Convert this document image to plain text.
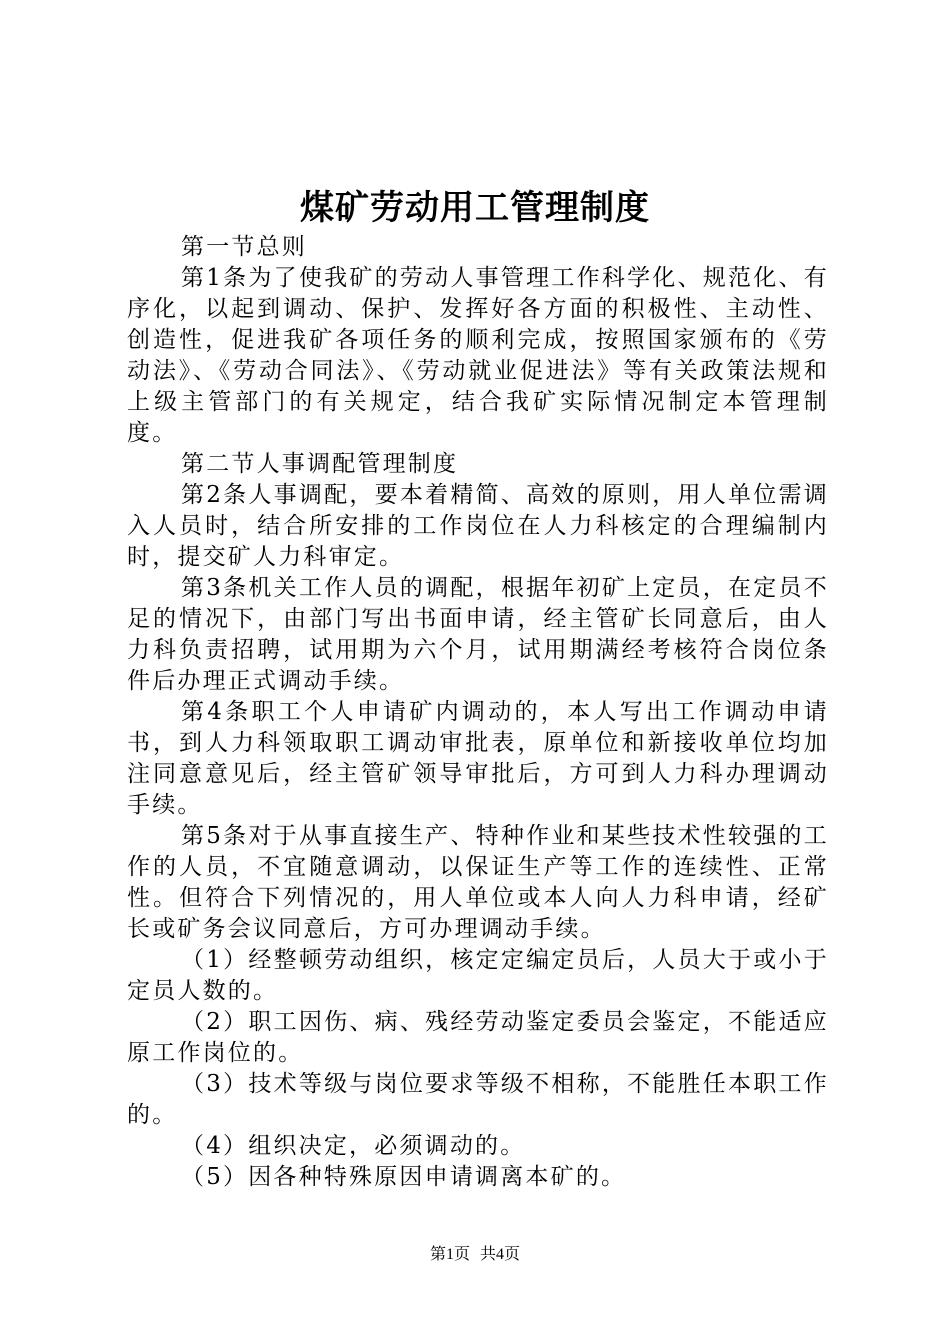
煤矿劳动用工管理制度

第一节总则

第1条为了使我矿的劳动人事管理工作科学化、规范化、有序化，以起到调动、保护、发挥好各方面的积极性、主动性、创造性，促进我矿各项任务的顺利完成，按照国家颁布的《劳动法》、《劳动合同法》、《劳动就业促进法》等有关政策法规和上级主管部门的有关规定，结合我矿实际情况制定本管理制度。

第二节人事调配管理制度

第2条人事调配，要本着精简、高效的原则，用人单位需调入人员时，结合所安排的工作岗位在人力科核定的合理编制内时，提交矿人力科审定。

第3条机关工作人员的调配，根据年初矿上定员，在定员不足的情况下，由部门写出书面申请，经主管矿长同意后，由人力科负责招聘，试用期为六个月，试用期满经考核符合岗位条件后办理正式调动手续。

第4条职工个人申请矿内调动的，本人写出工作调动申请书，到人力科领取职工调动审批表，原单位和新接收单位均加注同意意见后，经主管矿领导审批后，方可到人力科办理调动手续。

第5条对于从事直接生产、特种作业和某些技术性较强的工作的人员，不宜随意调动，以保证生产等工作的连续性、正常性。但符合下列情况的，用人单位或本人向人力科申请，经矿长或矿务会议同意后，方可办理调动手续。

（1）经整顿劳动组织，核定定编定员后，人员大于或小于定员人数的。

（2）职工因伤、病、残经劳动鉴定委员会鉴定，不能适应原工作岗位的。

（3）技术等级与岗位要求等级不相称，不能胜任本职工作的。

（4）组织决定，必须调动的。

（5）因各种特殊原因申请调离本矿的。

第1页 共4页
